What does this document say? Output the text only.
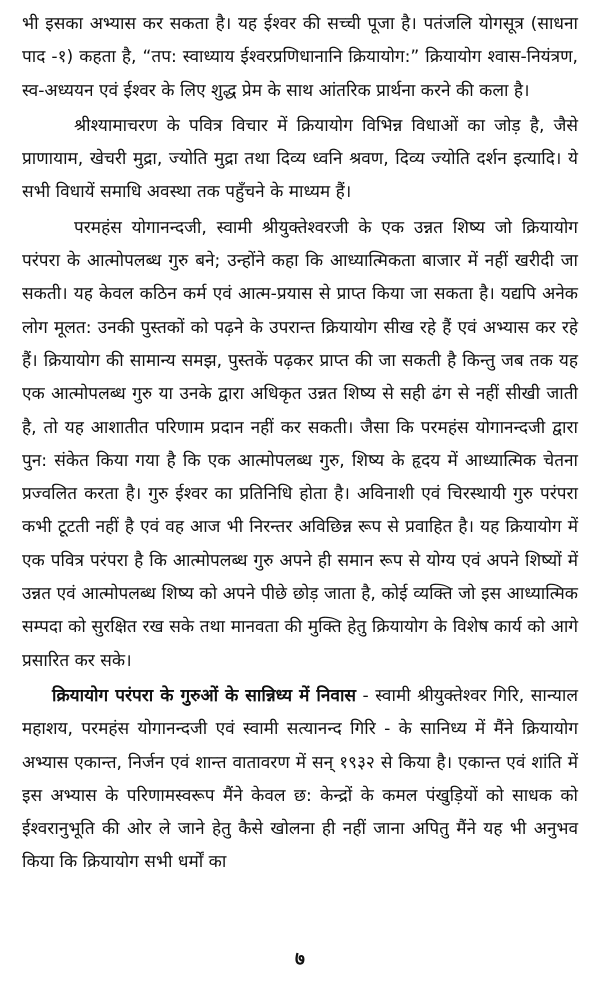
भी इसका अभ्यास कर सकता है। यह ईश्वर की सच्ची पूजा है। पतंजलि योगसूत्र (साधना पाद -१) कहता है, “तप: स्वाध्याय ईश्वरप्रणिधानानि क्रियायोग:” क्रियायोग श्वास-नियंत्रण, स्व-अध्ययन एवं ईश्वर के लिए शुद्ध प्रेम के साथ आंतरिक प्रार्थना करने की कला है।

श्रीश्यामाचरण के पवित्र विचार में क्रियायोग विभिन्न विधाओं का जोड़ है, जैसे प्राणायाम, खेचरी मुद्रा, ज्योति मुद्रा तथा दिव्य ध्वनि श्रवण, दिव्य ज्योति दर्शन इत्यादि। ये सभी विधायें समाधि अवस्था तक पहुँचने के माध्यम हैं।

परमहंस योगानन्दजी, स्वामी श्रीयुक्तेश्वरजी के एक उन्नत शिष्य जो क्रियायोग परंपरा के आत्मोपलब्ध गुरु बने; उन्होंने कहा कि आध्यात्मिकता बाजार में नहीं खरीदी जा सकती। यह केवल कठिन कर्म एवं आत्म-प्रयास से प्राप्त किया जा सकता है। यद्यपि अनेक लोग मूलत: उनकी पुस्तकों को पढ़ने के उपरान्त क्रियायोग सीख रहे हैं एवं अभ्यास कर रहे हैं। क्रियायोग की सामान्य समझ, पुस्तकें पढ़कर प्राप्त की जा सकती है किन्तु जब तक यह एक आत्मोपलब्ध गुरु या उनके द्वारा अधिकृत उन्नत शिष्य से सही ढंग से नहीं सीखी जाती है, तो यह आशातीत परिणाम प्रदान नहीं कर सकती। जैसा कि परमहंस योगानन्दजी द्वारा पुन: संकेत किया गया है कि एक आत्मोपलब्ध गुरु, शिष्य के हृदय में आध्यात्मिक चेतना प्रज्वलित करता है। गुरु ईश्वर का प्रतिनिधि होता है। अविनाशी एवं चिरस्थायी गुरु परंपरा कभी टूटती नहीं है एवं वह आज भी निरन्तर अविछिन्न रूप से प्रवाहित है। यह क्रियायोग में एक पवित्र परंपरा है कि आत्मोपलब्ध गुरु अपने ही समान रूप से योग्य एवं अपने शिष्यों में उन्नत एवं आत्मोपलब्ध शिष्य को अपने पीछे छोड़ जाता है, कोई व्यक्ति जो इस आध्यात्मिक सम्पदा को सुरक्षित रख सके तथा मानवता की मुक्ति हेतु क्रियायोग के विशेष कार्य को आगे प्रसारित कर सके।

क्रियायोग परंपरा के गुरुओं के सान्निध्य में निवास - स्वामी श्रीयुक्तेश्वर गिरि, सान्याल महाशय, परमहंस योगानन्दजी एवं स्वामी सत्यानन्द गिरि - के सानिध्य में मैंने क्रियायोग अभ्यास एकान्त, निर्जन एवं शान्त वातावरण में सन् १९३२ से किया है। एकान्त एवं शांति में इस अभ्यास के परिणामस्वरूप मैंने केवल छ: केन्द्रों के कमल पंखुड़ियों को साधक को ईश्वरानुभूति की ओर ले जाने हेतु कैसे खोलना ही नहीं जाना अपितु मैंने यह भी अनुभव किया कि क्रियायोग सभी धर्मों का

७
